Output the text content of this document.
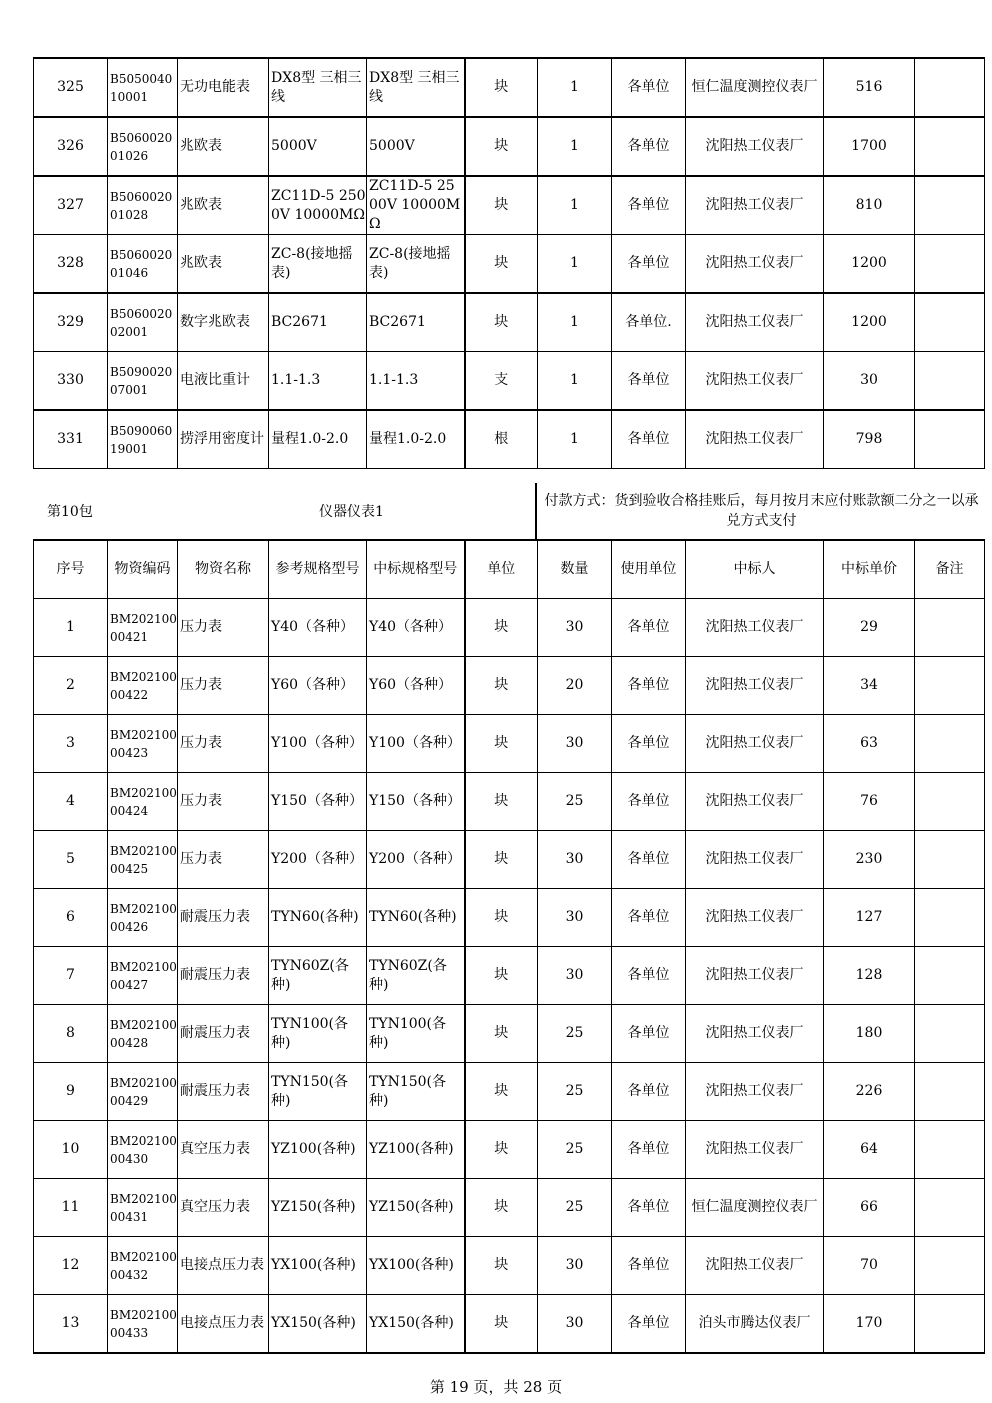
325	B505004010001	无功电能表	DX8型 三相三线	DX8型 三相三线	块	1	各单位	恒仁温度测控仪表厂	516	
326	B506002001026	兆欧表	5000V	5000V	块	1	各单位	沈阳热工仪表厂	1700	
327	B506002001028	兆欧表	ZC11D-5 2500V 10000MΩ	ZC11D-5 2500V 10000MΩ	块	1	各单位	沈阳热工仪表厂	810	
328	B506002001046	兆欧表	ZC-8(接地摇表)	ZC-8(接地摇表)	块	1	各单位	沈阳热工仪表厂	1200	
329	B506002002001	数字兆欧表	BC2671	BC2671	块	1	各单位.	沈阳热工仪表厂	1200	
330	B509002007001	电液比重计	1.1-1.3	1.1-1.3	支	1	各单位	沈阳热工仪表厂	30	
331	B509006019001	捞浮用密度计	量程1.0-2.0	量程1.0-2.0	根	1	各单位	沈阳热工仪表厂	798	
第10包	仪器仪表1
	付款方式：货到验收合格挂账后，每月按月末应付账款额二分之一以承兑方式支付
序号	物资编码	物资名称	参考规格型号	中标规格型号	单位	数量	使用单位	中标人	中标单价	备注
1	BM20210000421	压力表	Y40（各种）	Y40（各种）	块	30	各单位	沈阳热工仪表厂	29	
2	BM20210000422	压力表	Y60（各种）	Y60（各种）	块	20	各单位	沈阳热工仪表厂	34	
3	BM20210000423	压力表	Y100（各种）	Y100（各种）	块	30	各单位	沈阳热工仪表厂	63	
4	BM20210000424	压力表	Y150（各种）	Y150（各种）	块	25	各单位	沈阳热工仪表厂	76	
5	BM20210000425	压力表	Y200（各种）	Y200（各种）	块	30	各单位	沈阳热工仪表厂	230	
6	BM20210000426	耐震压力表	TYN60(各种)	TYN60(各种)	块	30	各单位	沈阳热工仪表厂	127	
7	BM20210000427	耐震压力表	TYN60Z(各种)	TYN60Z(各种)	块	30	各单位	沈阳热工仪表厂	128	
8	BM20210000428	耐震压力表	TYN100(各种)	TYN100(各种)	块	25	各单位	沈阳热工仪表厂	180	
9	BM20210000429	耐震压力表	TYN150(各种)	TYN150(各种)	块	25	各单位	沈阳热工仪表厂	226	
10	BM20210000430	真空压力表	YZ100(各种)	YZ100(各种)	块	25	各单位	沈阳热工仪表厂	64	
11	BM20210000431	真空压力表	YZ150(各种)	YZ150(各种)	块	25	各单位	恒仁温度测控仪表厂	66	
12	BM20210000432	电接点压力表	YX100(各种)	YX100(各种)	块	30	各单位	沈阳热工仪表厂	70	
13	BM20210000433	电接点压力表	YX150(各种)	YX150(各种)	块	30	各单位	泊头市腾达仪表厂	170	
第 19 页，共 28 页
